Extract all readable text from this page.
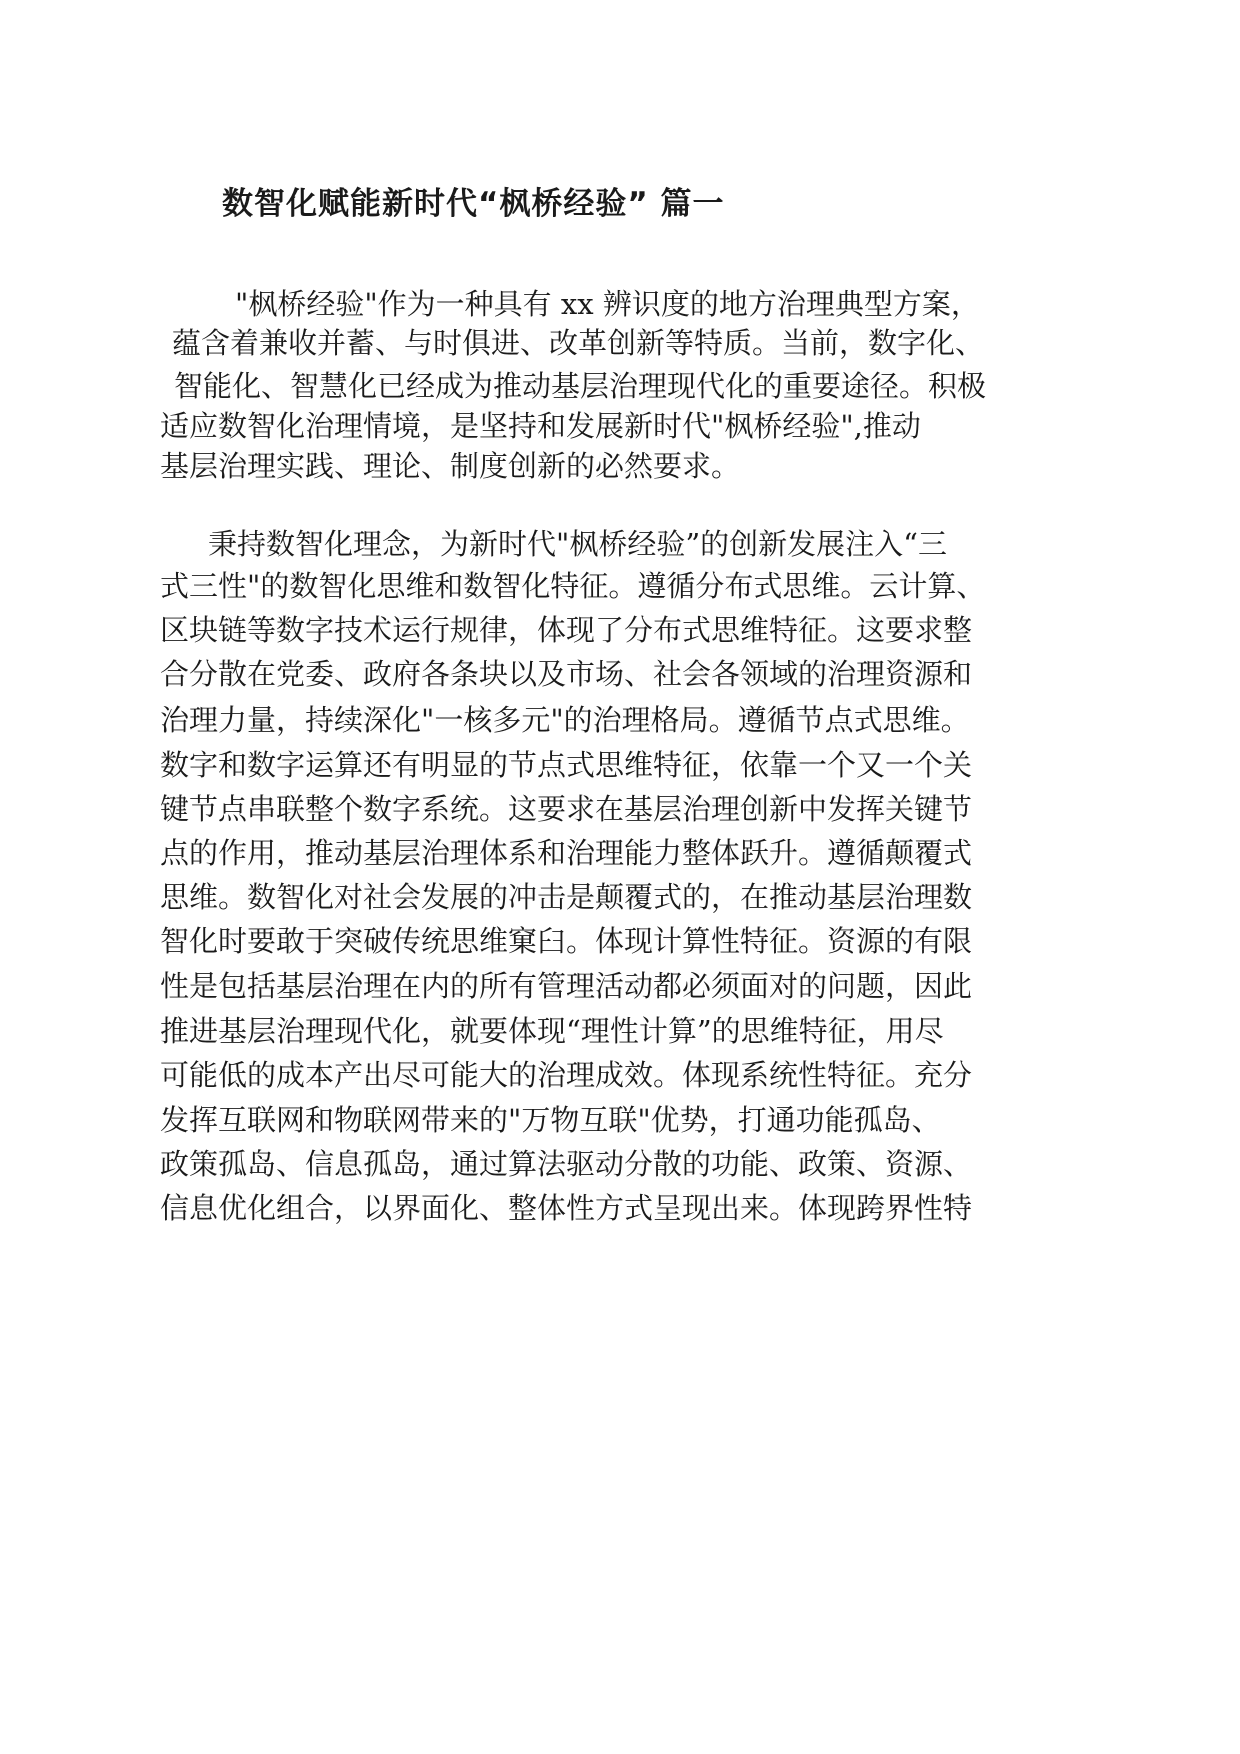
数智化赋能新时代“枫桥经验” 篇一

"枫桥经验"作为一种具有 xx 辨识度的地方治理典型方案，

蕴含着兼收并蓄、与时俱进、改革创新等特质。当前，数字化、

智能化、智慧化已经成为推动基层治理现代化的重要途径。积极

适应数智化治理情境，是坚持和发展新时代"枫桥经验",推动

基层治理实践、理论、制度创新的必然要求。

秉持数智化理念，为新时代"枫桥经验”的创新发展注入“三

式三性"的数智化思维和数智化特征。遵循分布式思维。云计算、

区块链等数字技术运行规律，体现了分布式思维特征。这要求整

合分散在党委、政府各条块以及市场、社会各领域的治理资源和

治理力量，持续深化"一核多元"的治理格局。遵循节点式思维。

数字和数字运算还有明显的节点式思维特征，依靠一个又一个关

键节点串联整个数字系统。这要求在基层治理创新中发挥关键节

点的作用，推动基层治理体系和治理能力整体跃升。遵循颠覆式

思维。数智化对社会发展的冲击是颠覆式的，在推动基层治理数

智化时要敢于突破传统思维窠臼。体现计算性特征。资源的有限

性是包括基层治理在内的所有管理活动都必须面对的问题，因此

推进基层治理现代化，就要体现“理性计算”的思维特征，用尽

可能低的成本产出尽可能大的治理成效。体现系统性特征。充分

发挥互联网和物联网带来的"万物互联"优势，打通功能孤岛、

政策孤岛、信息孤岛，通过算法驱动分散的功能、政策、资源、

信息优化组合，以界面化、整体性方式呈现出来。体现跨界性特
